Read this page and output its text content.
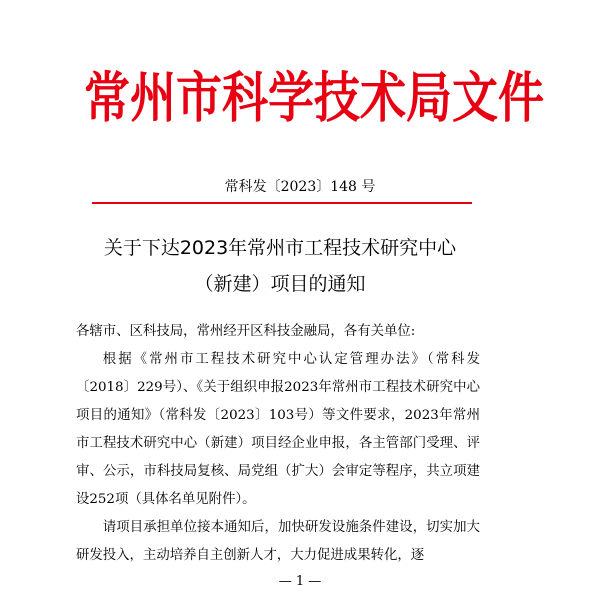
常州市科学技术局文件
常科发〔2023〕148 号
关于下达2023年常州市工程技术研究中心
（新建）项目的通知

各辖市、区科技局，常州经开区科技金融局，各有关单位:

根据《常州市工程技术研究中心认定管理办法》（常科发〔2018〕229号）、《关于组织申报2023年常州市工程技术研究中心项目的通知》（常科发〔2023〕103号）等文件要求，2023年常州市工程技术研究中心（新建）项目经企业申报，各主管部门受理、评审、公示，市科技局复核、局党组（扩大）会审定等程序，共立项建设252项（具体名单见附件）。

请项目承担单位接本通知后，加快研发设施条件建设，切实加大研发投入，主动培养自主创新人才，大力促进成果转化，逐

— 1 —
